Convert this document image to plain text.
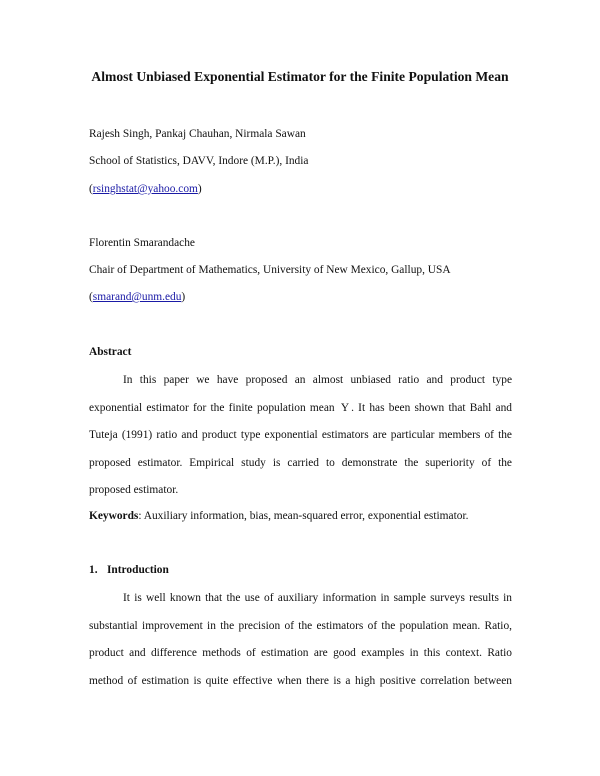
Almost Unbiased Exponential Estimator for the Finite Population Mean
Rajesh Singh, Pankaj Chauhan, Nirmala Sawan
School of Statistics, DAVV, Indore (M.P.), India
(rsinghstat@yahoo.com)
Florentin Smarandache
Chair of Department of Mathematics, University of New Mexico, Gallup, USA
(smarand@unm.edu)
Abstract

In this paper we have proposed an almost unbiased ratio and product type

exponential estimator for the finite population mean Y . It has been shown that Bahl and

Tuteja (1991) ratio and product type exponential estimators are particular members of the

proposed estimator. Empirical study is carried to demonstrate the superiority of the

proposed estimator.

Keywords: Auxiliary information, bias, mean-squared error, exponential estimator.
1. Introduction

It is well known that the use of auxiliary information in sample surveys results in

substantial improvement in the precision of the estimators of the population mean. Ratio,

product and difference methods of estimation are good examples in this context. Ratio

method of estimation is quite effective when there is a high positive correlation between
